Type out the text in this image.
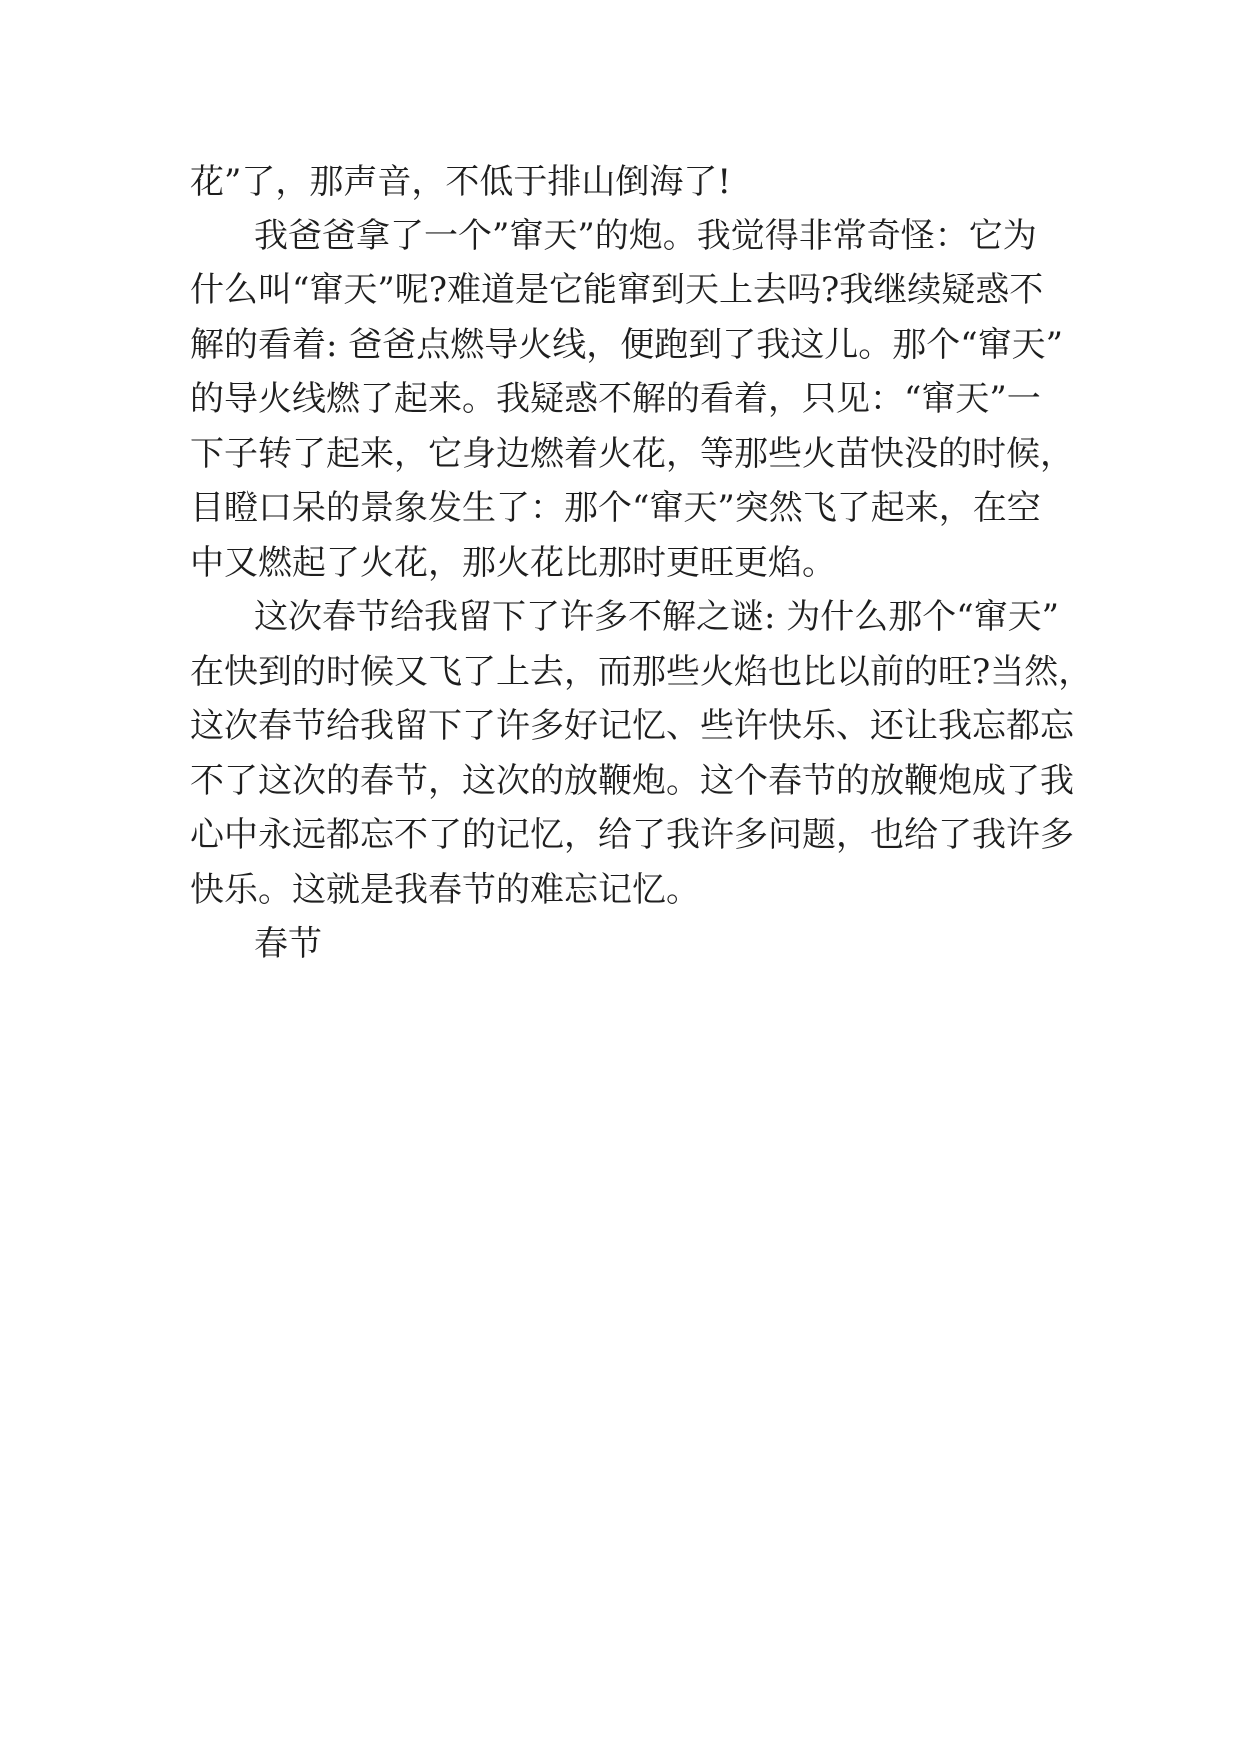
花”了，那声音，不低于排山倒海了!
我爸爸拿了一个”窜天”的炮。我觉得非常奇怪：它为
什么叫“窜天”呢?难道是它能窜到天上去吗?我继续疑惑不
解的看着: 爸爸点燃导火线，便跑到了我这儿。那个“窜天”
的导火线燃了起来。我疑惑不解的看着，只见：“窜天”一
下子转了起来，它身边燃着火花，等那些火苗快没的时候，
目瞪口呆的景象发生了：那个“窜天”突然飞了起来，在空
中又燃起了火花，那火花比那时更旺更焰。
这次春节给我留下了许多不解之谜: 为什么那个“窜天”
在快到的时候又飞了上去，而那些火焰也比以前的旺?当然，
这次春节给我留下了许多好记忆、些许快乐、还让我忘都忘
不了这次的春节，这次的放鞭炮。这个春节的放鞭炮成了我
心中永远都忘不了的记忆，给了我许多问题，也给了我许多
快乐。这就是我春节的难忘记忆。
春节
